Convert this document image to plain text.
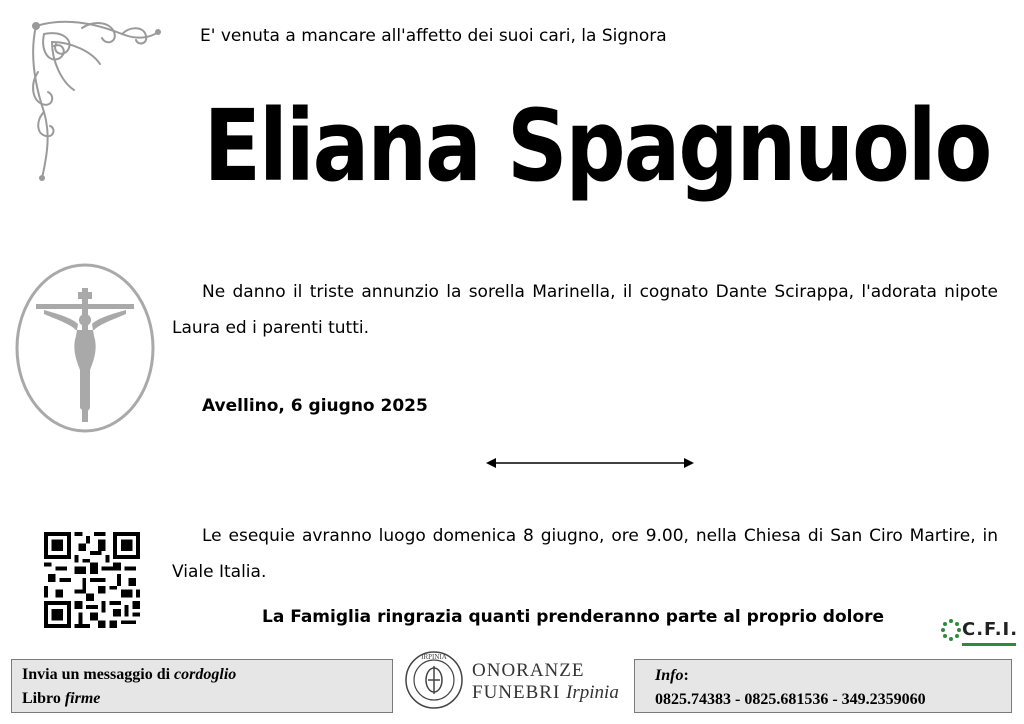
E' venuta a mancare all'affetto dei suoi cari, la Signora
Eliana Spagnuolo
Ne danno il triste annunzio la sorella Marinella, il cognato Dante Scirappa, l'adorata nipote Laura ed i parenti tutti.
Avellino, 6 giugno 2025
Le esequie avranno luogo domenica 8 giugno, ore 9.00, nella Chiesa di San Ciro Martire, in Viale Italia.
La Famiglia ringrazia quanti prenderanno parte al proprio dolore
C.F.I.
Invia un messaggio di cordoglio
Libro firme
IRPINIA
ONORANZE
FUNEBRI Irpinia
Info:
0825.74383 - 0825.681536 - 349.2359060
